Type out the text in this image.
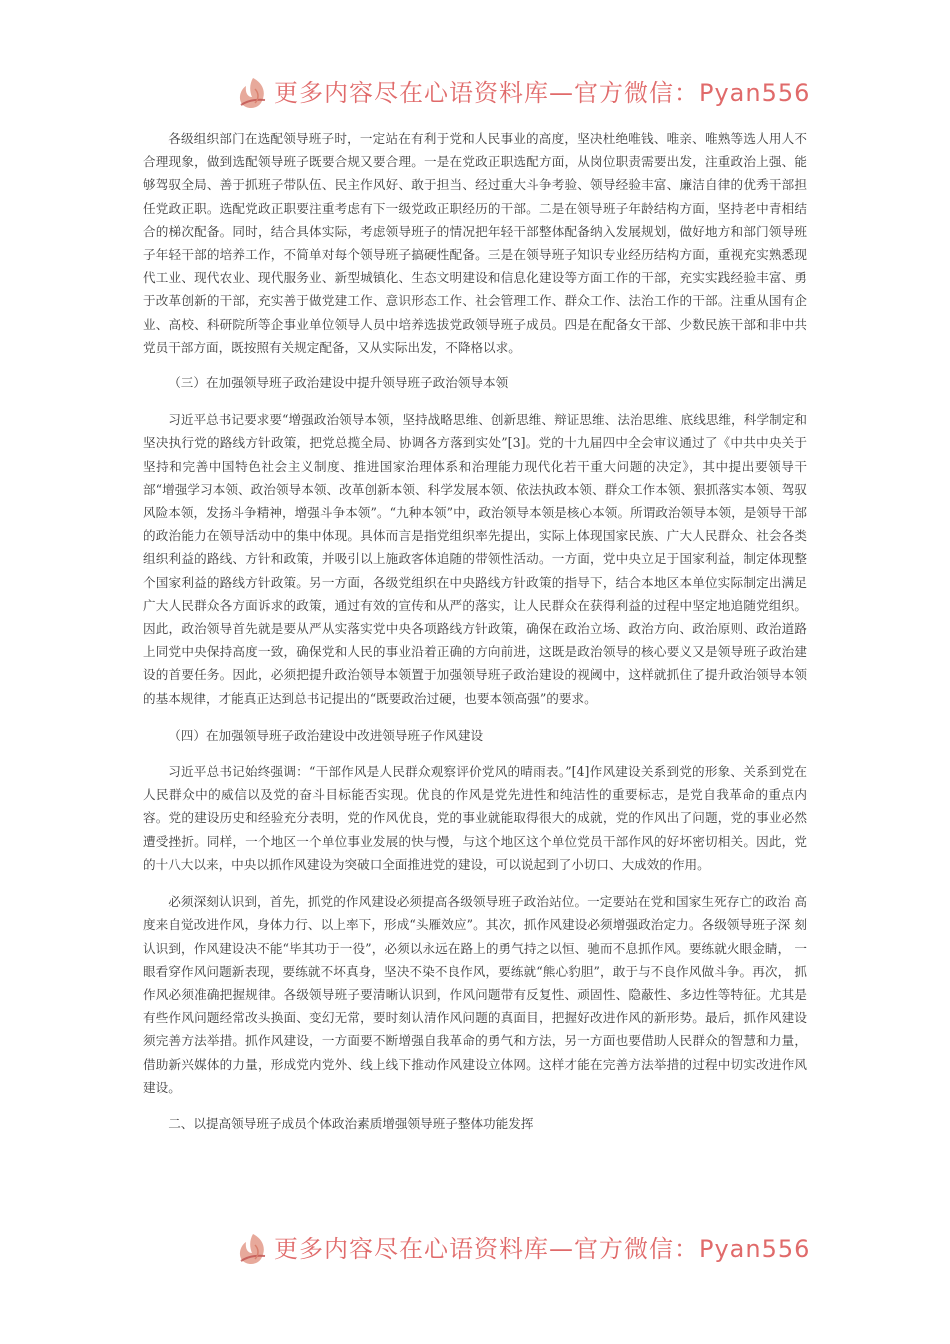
更多内容尽在心语资料库—官方微信：Pyan556

各级组织部门在选配领导班子时，一定站在有利于党和人民事业的高度，坚决杜绝唯钱、唯亲、唯熟等选人用人不合理现象，做到选配领导班子既要合规又要合理。一是在党政正职选配方面，从岗位职责需要出发，注重政治上强、能够驾驭全局、善于抓班子带队伍、民主作风好、敢于担当、经过重大斗争考验、领导经验丰富、廉洁自律的优秀干部担任党政正职。选配党政正职要注重考虑有下一级党政正职经历的干部。二是在领导班子年龄结构方面，坚持老中青相结合的梯次配备。同时，结合具体实际，考虑领导班子的情况把年轻干部整体配备纳入发展规划，做好地方和部门领导班子年轻干部的培养工作，不简单对每个领导班子搞硬性配备。三是在领导班子知识专业经历结构方面，重视充实熟悉现代工业、现代农业、现代服务业、新型城镇化、生态文明建设和信息化建设等方面工作的干部，充实实践经验丰富、勇于改革创新的干部，充实善于做党建工作、意识形态工作、社会管理工作、群众工作、法治工作的干部。注重从国有企业、高校、科研院所等企事业单位领导人员中培养选拔党政领导班子成员。四是在配备女干部、少数民族干部和非中共党员干部方面，既按照有关规定配备，又从实际出发，不降格以求。

（三）在加强领导班子政治建设中提升领导班子政治领导本领

习近平总书记要求要“增强政治领导本领，坚持战略思维、创新思维、辩证思维、法治思维、底线思维，科学制定和坚决执行党的路线方针政策，把党总揽全局、协调各方落到实处”[3]。党的十九届四中全会审议通过了《中共中央关于坚持和完善中国特色社会主义制度、推进国家治理体系和治理能力现代化若干重大问题的决定》，其中提出要领导干部“增强学习本领、政治领导本领、改革创新本领、科学发展本领、依法执政本领、群众工作本领、狠抓落实本领、驾驭风险本领，发扬斗争精神，增强斗争本领”。“九种本领”中，政治领导本领是核心本领。所谓政治领导本领，是领导干部的政治能力在领导活动中的集中体现。具体而言是指党组织率先提出，实际上体现国家民族、广大人民群众、社会各类组织利益的路线、方针和政策，并吸引以上施政客体追随的带领性活动。一方面，党中央立足于国家利益，制定体现整个国家利益的路线方针政策。另一方面，各级党组织在中央路线方针政策的指导下，结合本地区本单位实际制定出满足广大人民群众各方面诉求的政策，通过有效的宣传和从严的落实，让人民群众在获得利益的过程中坚定地追随党组织。因此，政治领导首先就是要从严从实落实党中央各项路线方针政策，确保在政治立场、政治方向、政治原则、政治道路上同党中央保持高度一致，确保党和人民的事业沿着正确的方向前进，这既是政治领导的核心要义又是领导班子政治建设的首要任务。因此，必须把提升政治领导本领置于加强领导班子政治建设的视阈中，这样就抓住了提升政治领导本领的基本规律，才能真正达到总书记提出的“既要政治过硬，也要本领高强”的要求。

（四）在加强领导班子政治建设中改进领导班子作风建设

习近平总书记始终强调：“干部作风是人民群众观察评价党风的晴雨表。”[4]作风建设关系到党的形象、关系到党在人民群众中的威信以及党的奋斗目标能否实现。优良的作风是党先进性和纯洁性的重要标志，是党自我革命的重点内容。党的建设历史和经验充分表明，党的作风优良，党的事业就能取得很大的成就，党的作风出了问题，党的事业必然遭受挫折。同样，一个地区一个单位事业发展的快与慢，与这个地区这个单位党员干部作风的好坏密切相关。因此，党的十八大以来，中央以抓作风建设为突破口全面推进党的建设，可以说起到了小切口、大成效的作用。

必须深刻认识到，首先，抓党的作风建设必须提高各级领导班子政治站位。一定要站在党和国家生死存亡的政治 高度来自觉改进作风，身体力行、以上率下，形成“头雁效应”。其次，抓作风建设必须增强政治定力。各级领导班子深 刻认识到，作风建设决不能“毕其功于一役”，必须以永远在路上的勇气持之以恒、驰而不息抓作风。要练就火眼金睛， 一眼看穿作风问题新表现，要练就不坏真身，坚决不染不良作风，要练就“熊心豹胆”，敢于与不良作风做斗争。再次， 抓作风必须准确把握规律。各级领导班子要清晰认识到，作风问题带有反复性、顽固性、隐蔽性、多边性等特征。尤其是有些作风问题经常改头换面、变幻无常，要时刻认清作风问题的真面目，把握好改进作风的新形势。最后，抓作风建设须完善方法举措。抓作风建设，一方面要不断增强自我革命的勇气和方法，另一方面也要借助人民群众的智慧和力量， 借助新兴媒体的力量，形成党内党外、线上线下推动作风建设立体网。这样才能在完善方法举措的过程中切实改进作风建设。

二、以提高领导班子成员个体政治素质增强领导班子整体功能发挥

更多内容尽在心语资料库—官方微信：Pyan556
